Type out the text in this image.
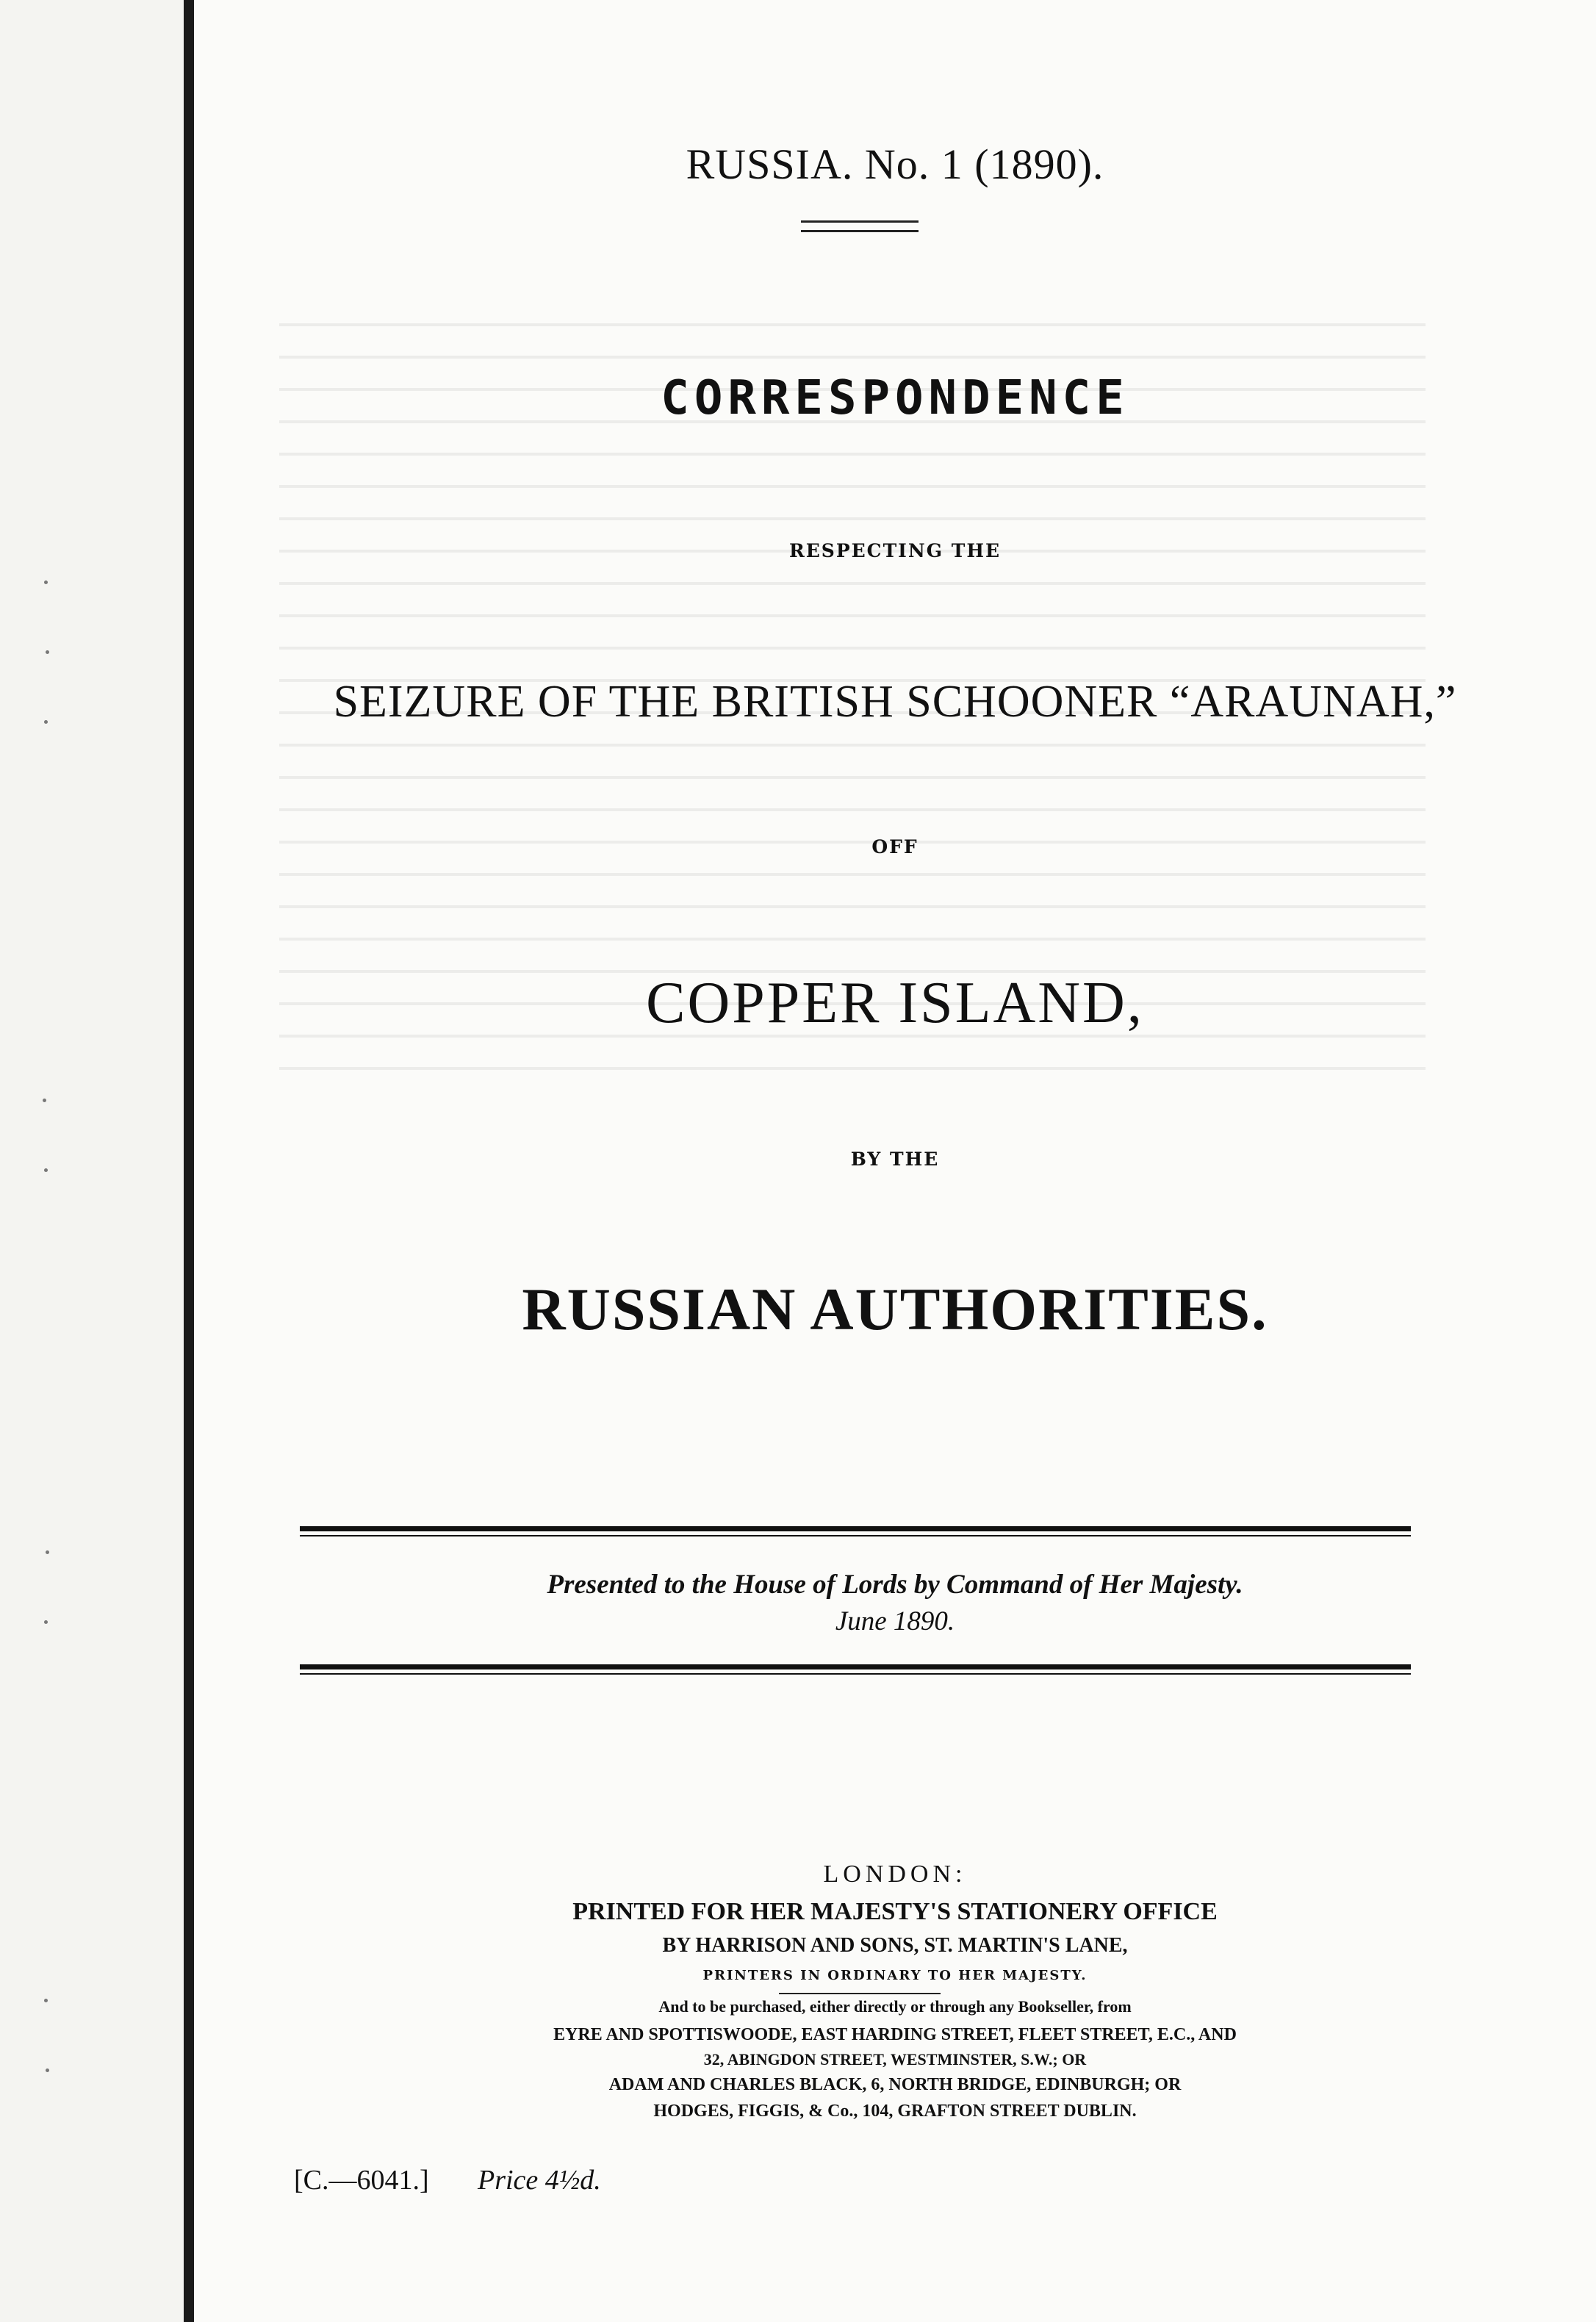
RUSSIA. No. 1 (1890).
CORRESPONDENCE
RESPECTING THE
SEIZURE OF THE BRITISH SCHOONER “ARAUNAH,”
OFF
COPPER ISLAND,
BY THE
RUSSIAN AUTHORITIES.
Presented to the House of Lords by Command of Her Majesty.
June 1890.
LONDON:
PRINTED FOR HER MAJESTY'S STATIONERY OFFICE
BY HARRISON AND SONS, ST. MARTIN'S LANE,
PRINTERS IN ORDINARY TO HER MAJESTY.
And to be purchased, either directly or through any Bookseller, from
EYRE AND SPOTTISWOODE, EAST HARDING STREET, FLEET STREET, E.C., AND
32, ABINGDON STREET, WESTMINSTER, S.W.; OR
ADAM AND CHARLES BLACK, 6, NORTH BRIDGE, EDINBURGH; OR
HODGES, FIGGIS, & Co., 104, GRAFTON STREET DUBLIN.
[C.—6041.] Price 4½d.
